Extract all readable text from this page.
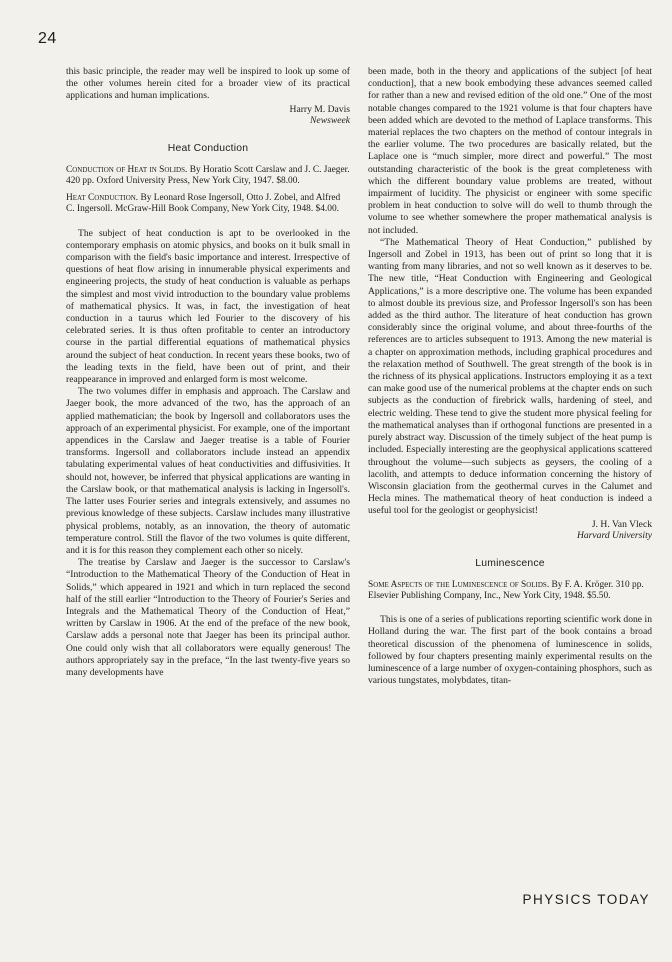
24

this basic principle, the reader may well be inspired to look up some of the other volumes herein cited for a broader view of its practical applications and human implications.

Harry M. Davis
Newsweek
Heat Conduction
Conduction of Heat in Solids. By Horatio Scott Carslaw and J. C. Jaeger. 420 pp. Oxford University Press, New York City, 1947. $8.00.
Heat Conduction. By Leonard Rose Ingersoll, Otto J. Zobel, and Alfred C. Ingersoll. McGraw-Hill Book Company, New York City, 1948. $4.00.

The subject of heat conduction is apt to be overlooked in the contemporary emphasis on atomic physics, and books on it bulk small in comparison with the field's basic importance and interest. Irrespective of questions of heat flow arising in innumerable physical experiments and engineering projects, the study of heat conduction is valuable as perhaps the simplest and most vivid introduction to the boundary value problems of mathematical physics. It was, in fact, the investigation of heat conduction in a taurus which led Fourier to the discovery of his celebrated series. It is thus often profitable to center an introductory course in the partial differential equations of mathematical physics around the subject of heat conduction. In recent years these books, two of the leading texts in the field, have been out of print, and their reappearance in improved and enlarged form is most welcome.

The two volumes differ in emphasis and approach. The Carslaw and Jaeger book, the more advanced of the two, has the approach of an applied mathematician; the book by Ingersoll and collaborators uses the approach of an experimental physicist. For example, one of the important appendices in the Carslaw and Jaeger treatise is a table of Fourier transforms. Ingersoll and collaborators include instead an appendix tabulating experimental values of heat conductivities and diffusivities. It should not, however, be inferred that physical applications are wanting in the Carslaw book, or that mathematical analysis is lacking in Ingersoll's. The latter uses Fourier series and integrals extensively, and assumes no previous knowledge of these subjects. Carslaw includes many illustrative physical problems, notably, as an innovation, the theory of automatic temperature control. Still the flavor of the two volumes is quite different, and it is for this reason they complement each other so nicely.

The treatise by Carslaw and Jaeger is the successor to Carslaw's “Introduction to the Mathematical Theory of the Conduction of Heat in Solids,” which appeared in 1921 and which in turn replaced the second half of the still earlier “Introduction to the Theory of Fourier's Series and Integrals and the Mathematical Theory of the Conduction of Heat,” written by Carslaw in 1906. At the end of the preface of the new book, Carslaw adds a personal note that Jaeger has been its principal author. One could only wish that all collaborators were equally generous! The authors appropriately say in the preface, “In the last twenty-five years so many developments have

been made, both in the theory and applications of the subject [of heat conduction], that a new book embodying these advances seemed called for rather than a new and revised edition of the old one.” One of the most notable changes compared to the 1921 volume is that four chapters have been added which are devoted to the method of Laplace transforms. This material replaces the two chapters on the method of contour integrals in the earlier volume. The two procedures are basically related, but the Laplace one is “much simpler, more direct and powerful.” The most outstanding characteristic of the book is the great completeness with which the different boundary value problems are treated, without impairment of lucidity. The physicist or engineer with some specific problem in heat conduction to solve will do well to thumb through the volume to see whether somewhere the proper mathematical analysis is not included.

“The Mathematical Theory of Heat Conduction,” published by Ingersoll and Zobel in 1913, has been out of print so long that it is wanting from many libraries, and not so well known as it deserves to be. The new title, “Heat Conduction with Engineering and Geological Applications,” is a more descriptive one. The volume has been expanded to almost double its previous size, and Professor Ingersoll's son has been added as the third author. The literature of heat conduction has grown considerably since the original volume, and about three-fourths of the references are to articles subsequent to 1913. Among the new material is a chapter on approximation methods, including graphical procedures and the relaxation method of Southwell. The great strength of the book is in the richness of its physical applications. Instructors employing it as a text can make good use of the numerical problems at the chapter ends on such subjects as the conduction of firebrick walls, hardening of steel, and electric welding. These tend to give the student more physical feeling for the mathematical analyses than if orthogonal functions are presented in a purely abstract way. Discussion of the timely subject of the heat pump is included. Especially interesting are the geophysical applications scattered throughout the volume—such subjects as geysers, the cooling of a lacolith, and attempts to deduce information concerning the history of Wisconsin glaciation from the geothermal curves in the Calumet and Hecla mines. The mathematical theory of heat conduction is indeed a useful tool for the geologist or geophysicist!

J. H. Van Vleck
Harvard University
Luminescence
Some Aspects of the Luminescence of Solids. By F. A. Kröger. 310 pp. Elsevier Publishing Company, Inc., New York City, 1948. $5.50.

This is one of a series of publications reporting scientific work done in Holland during the war. The first part of the book contains a broad theoretical discussion of the phenomena of luminescence in solids, followed by four chapters presenting mainly experimental results on the luminescence of a large number of oxygen-containing phosphors, such as various tungstates, molybdates, titan-

PHYSICS TODAY
